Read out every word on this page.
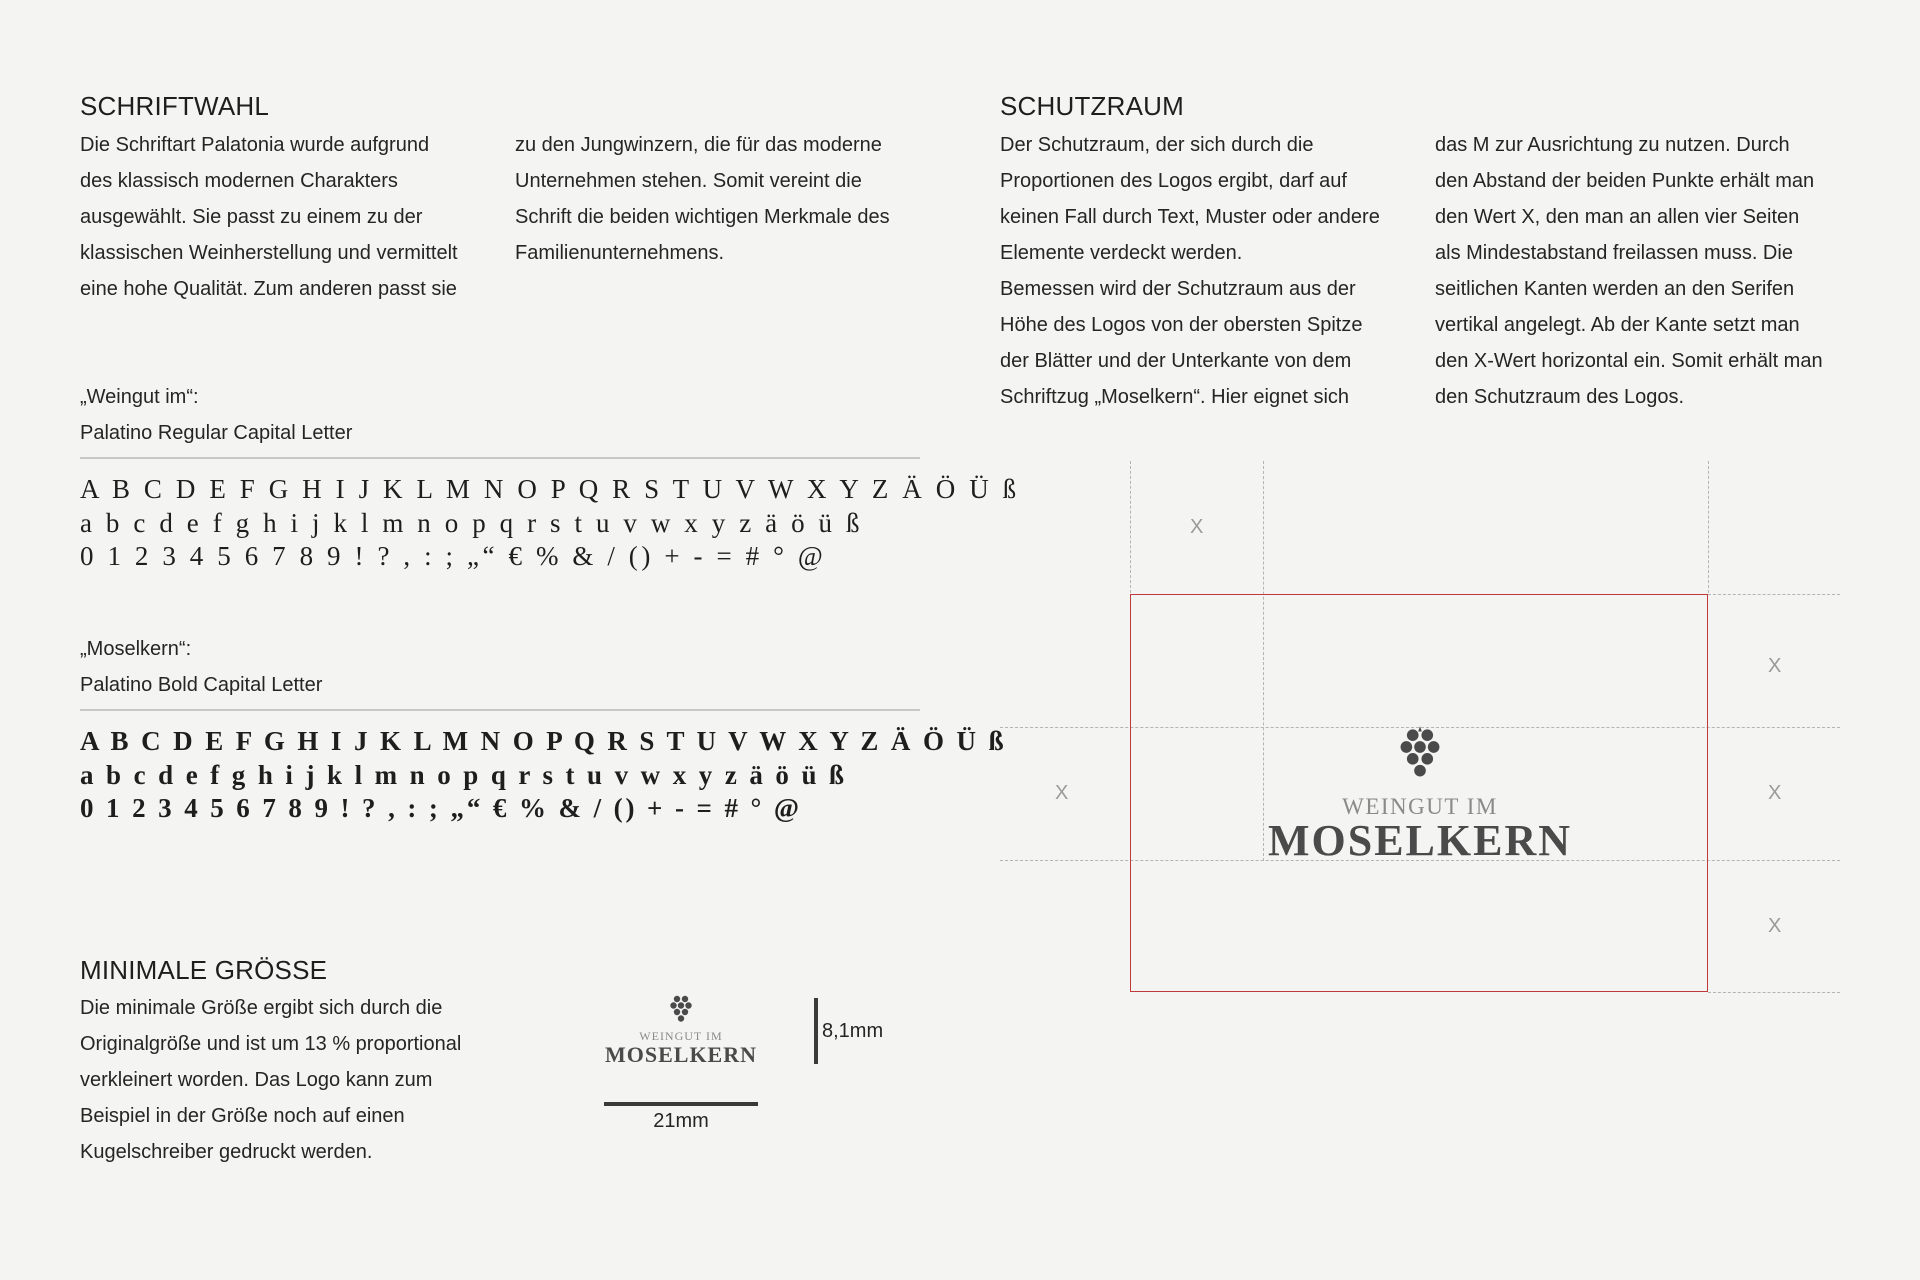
SCHRIFTWAHL
Die Schriftart Palatonia wurde aufgrund
des klassisch modernen Charakters
ausgewählt. Sie passt zu einem zu der
klassischen Weinherstellung und vermittelt
eine hohe Qualität. Zum anderen passt sie
zu den Jungwinzern, die für das moderne
Unternehmen stehen. Somit vereint die
Schrift die beiden wichtigen Merkmale des
Familienunternehmens.
„Weingut im“:
Palatino Regular Capital Letter
A B C D E F G H I J K L M N O P Q R S T U V W X Y Z Ä Ö Ü ß
a b c d e f g h i j k l m n o p q r s t u v w x y z ä ö ü ß
0 1 2 3 4 5 6 7 8 9 ! ? , : ; „“ € % & / () + - = # ° @
„Moselkern“:
Palatino Bold Capital Letter
A B C D E F G H I J K L M N O P Q R S T U V W X Y Z Ä Ö Ü ß
a b c d e f g h i j k l m n o p q r s t u v w x y z ä ö ü ß
0 1 2 3 4 5 6 7 8 9 ! ? , : ; „“ € % & / () + - = # ° @
MINIMALE GRÖSSE
Die minimale Größe ergibt sich durch die
Originalgröße und ist um 13 % proportional
verkleinert worden. Das Logo kann zum
Beispiel in der Größe noch auf einen
Kugelschreiber gedruckt werden.
WEINGUT IM
MOSELKERN
8,1mm
21mm
SCHUTZRAUM
Der Schutzraum, der sich durch die
Proportionen des Logos ergibt, darf auf
keinen Fall durch Text, Muster oder andere
Elemente verdeckt werden.
Bemessen wird der Schutzraum aus der
Höhe des Logos von der obersten Spitze
der Blätter und der Unterkante von dem
Schriftzug „Moselkern“. Hier eignet sich
das M zur Ausrichtung zu nutzen. Durch
den Abstand der beiden Punkte erhält man
den Wert X, den man an allen vier Seiten
als Mindestabstand freilassen muss. Die
seitlichen Kanten werden an den Serifen
vertikal angelegt. Ab der Kante setzt man
den X-Wert horizontal ein. Somit erhält man
den Schutzraum des Logos.
X
X
X	X
X
WEINGUT IM
MOSELKERN
